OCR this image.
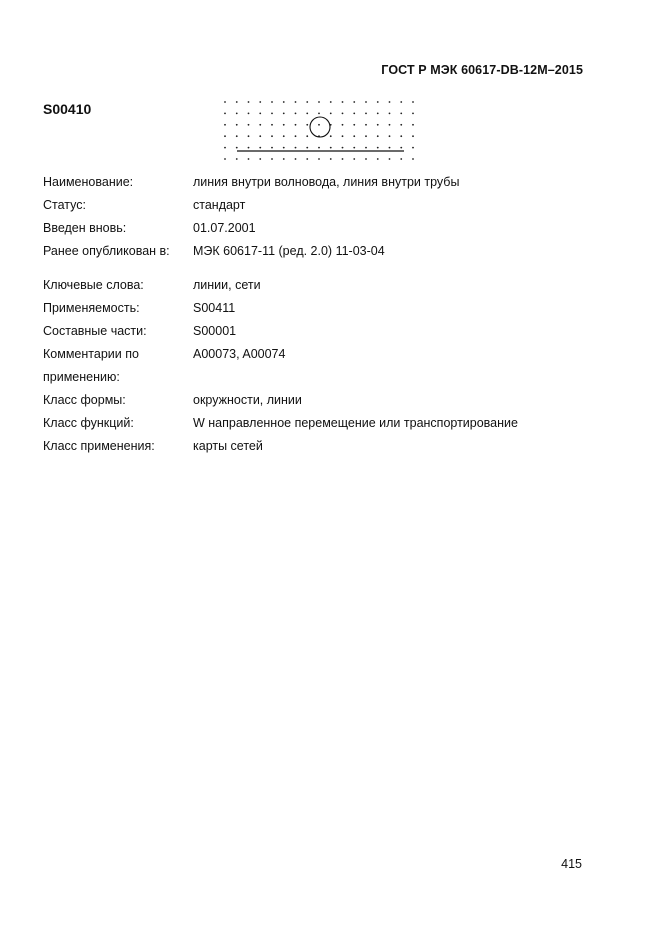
ГОСТ Р МЭК 60617-DB-12M–2015
S00410
Наименование:	линия внутри волновода, линия внутри трубы
Статус:	стандарт
Введен вновь:	01.07.2001
Ранее опубликован в:	МЭК 60617-11 (ред. 2.0) 11-03-04
Ключевые слова:	линии, сети
Применяемость:	S00411
Составные части:	S00001
Комментарии по применению:
A00073, A00074
Класс формы:	окружности, линии
Класс функций:	W направленное перемещение или транспортирование
Класс применения:	карты сетей
415
